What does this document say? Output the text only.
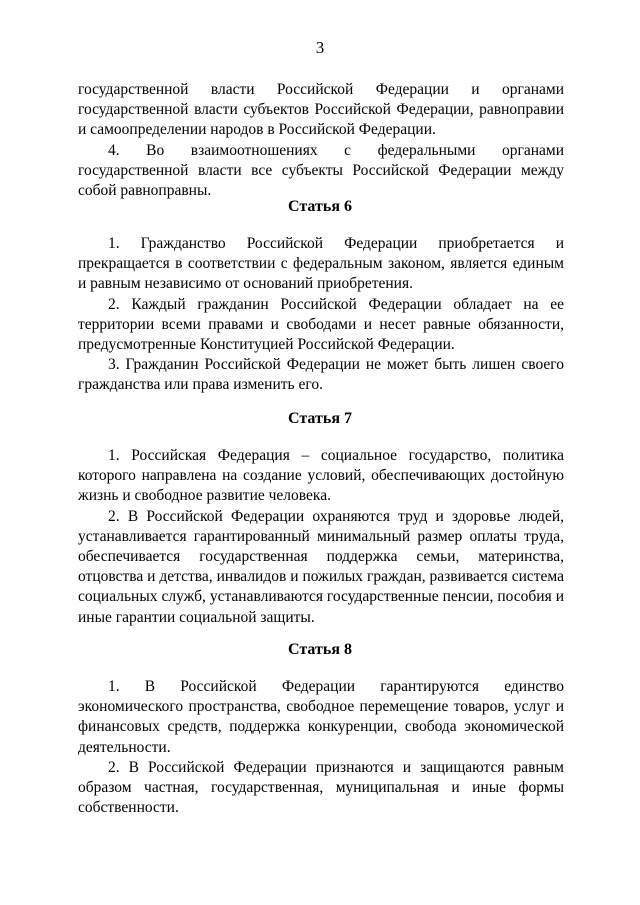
3

государственной власти Российской Федерации и органами государственной власти субъектов Российской Федерации, равноправии и самоопределении народов в Российской Федерации.

4. Во взаимоотношениях с федеральными органами государственной власти все субъекты Российской Федерации между собой равноправны.

Статья 6

1. Гражданство Российской Федерации приобретается и прекращается в соответствии с федеральным законом, является единым и равным независимо от оснований приобретения.

2. Каждый гражданин Российской Федерации обладает на ее территории всеми правами и свободами и несет равные обязанности, предусмотренные Конституцией Российской Федерации.

3. Гражданин Российской Федерации не может быть лишен своего гражданства или права изменить его.

Статья 7

1. Российская Федерация – социальное государство, политика которого направлена на создание условий, обеспечивающих достойную жизнь и свободное развитие человека.

2. В Российской Федерации охраняются труд и здоровье людей, устанавливается гарантированный минимальный размер оплаты труда, обеспечивается государственная поддержка семьи, материнства, отцовства и детства, инвалидов и пожилых граждан, развивается система социальных служб, устанавливаются государственные пенсии, пособия и иные гарантии социальной защиты.

Статья 8

1. В Российской Федерации гарантируются единство экономического пространства, свободное перемещение товаров, услуг и финансовых средств, поддержка конкуренции, свобода экономической деятельности.

2. В Российской Федерации признаются и защищаются равным образом частная, государственная, муниципальная и иные формы собственности.
